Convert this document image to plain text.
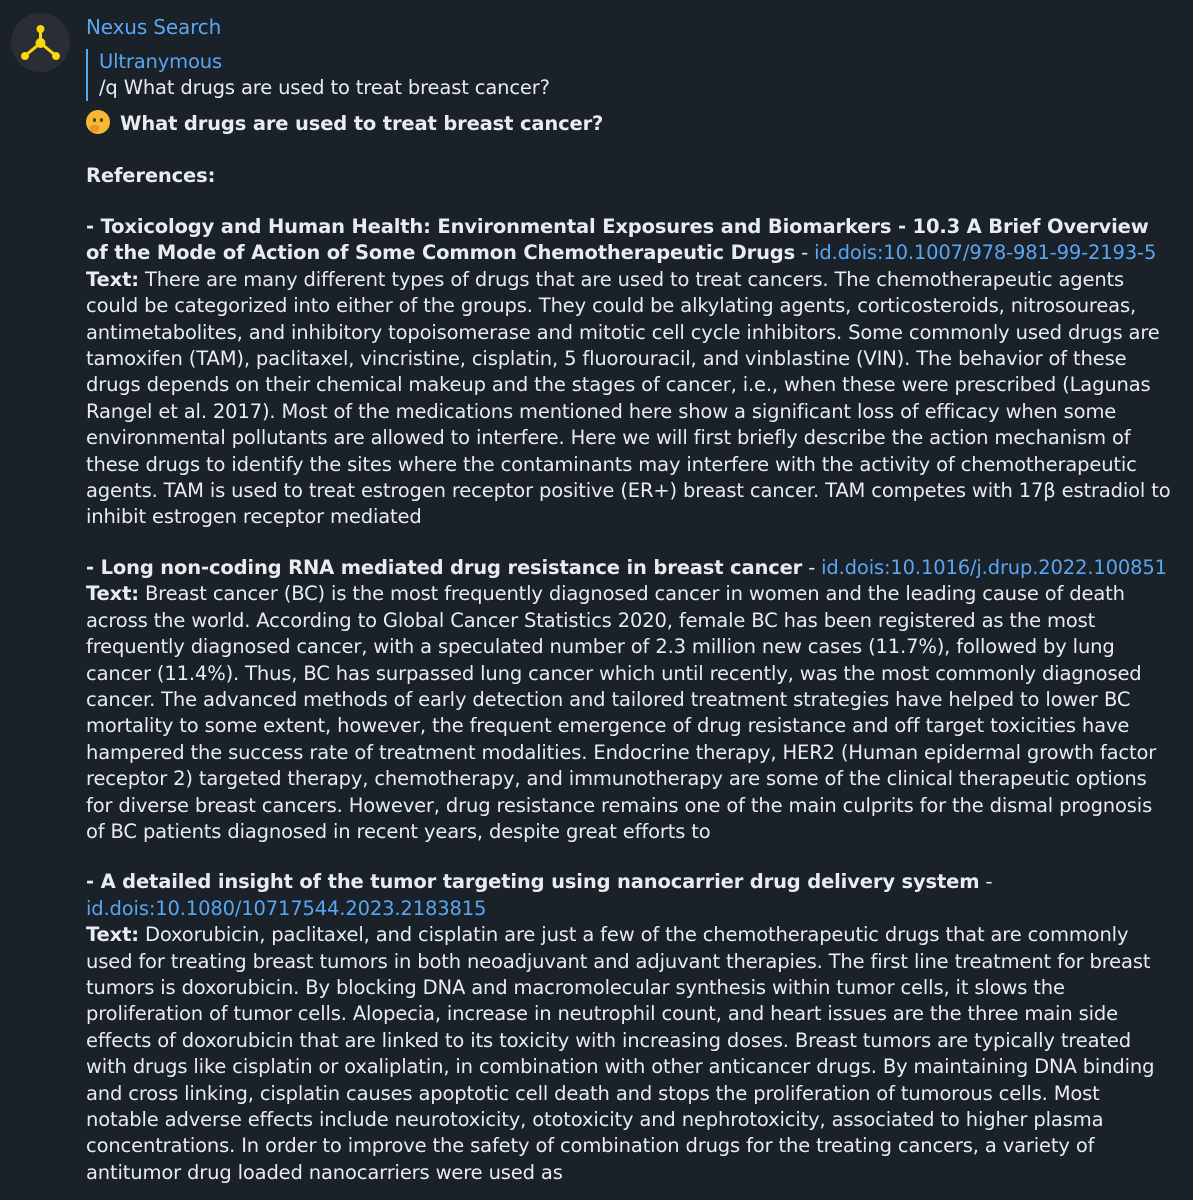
Nexus Search
Ultranymous
/q What drugs are used to treat breast cancer?
What drugs are used to treat breast cancer?
References:

- Toxicology and Human Health: Environmental Exposures and Biomarkers - 10.3 A Brief Overview of the Mode of Action of Some Common Chemotherapeutic Drugs - id.dois:10.1007/978-981-99-2193-5

Text: There are many different types of drugs that are used to treat cancers. The chemotherapeutic agents could be categorized into either of the groups. They could be alkylating agents, corticosteroids, nitrosoureas, antimetabolites, and inhibitory topoisomerase and mitotic cell cycle inhibitors. Some commonly used drugs are tamoxifen (TAM), paclitaxel, vincristine, cisplatin, 5 fluorouracil, and vinblastine (VIN). The behavior of these drugs depends on their chemical makeup and the stages of cancer, i.e., when these were prescribed (Lagunas Rangel et al. 2017). Most of the medications mentioned here show a significant loss of efficacy when some environmental pollutants are allowed to interfere. Here we will first briefly describe the action mechanism of these drugs to identify the sites where the contaminants may interfere with the activity of chemotherapeutic agents. TAM is used to treat estrogen receptor positive (ER+) breast cancer. TAM competes with 17β estradiol to inhibit estrogen receptor mediated

- Long non-coding RNA mediated drug resistance in breast cancer - id.dois:10.1016/j.drup.2022.100851

Text: Breast cancer (BC) is the most frequently diagnosed cancer in women and the leading cause of death across the world. According to Global Cancer Statistics 2020, female BC has been registered as the most frequently diagnosed cancer, with a speculated number of 2.3 million new cases (11.7%), followed by lung cancer (11.4%). Thus, BC has surpassed lung cancer which until recently, was the most commonly diagnosed cancer. The advanced methods of early detection and tailored treatment strategies have helped to lower BC mortality to some extent, however, the frequent emergence of drug resistance and off target toxicities have hampered the success rate of treatment modalities. Endocrine therapy, HER2 (Human epidermal growth factor receptor 2) targeted therapy, chemotherapy, and immunotherapy are some of the clinical therapeutic options for diverse breast cancers. However, drug resistance remains one of the main culprits for the dismal prognosis of BC patients diagnosed in recent years, despite great efforts to

- A detailed insight of the tumor targeting using nanocarrier drug delivery system - id.dois:10.1080/10717544.2023.2183815

Text: Doxorubicin, paclitaxel, and cisplatin are just a few of the chemotherapeutic drugs that are commonly used for treating breast tumors in both neoadjuvant and adjuvant therapies. The first line treatment for breast tumors is doxorubicin. By blocking DNA and macromolecular synthesis within tumor cells, it slows the proliferation of tumor cells. Alopecia, increase in neutrophil count, and heart issues are the three main side effects of doxorubicin that are linked to its toxicity with increasing doses. Breast tumors are typically treated with drugs like cisplatin or oxaliplatin, in combination with other anticancer drugs. By maintaining DNA binding and cross linking, cisplatin causes apoptotic cell death and stops the proliferation of tumorous cells. Most notable adverse effects include neurotoxicity, ototoxicity and nephrotoxicity, associated to higher plasma concentrations. In order to improve the safety of combination drugs for the treating cancers, a variety of antitumor drug loaded nanocarriers were used as
